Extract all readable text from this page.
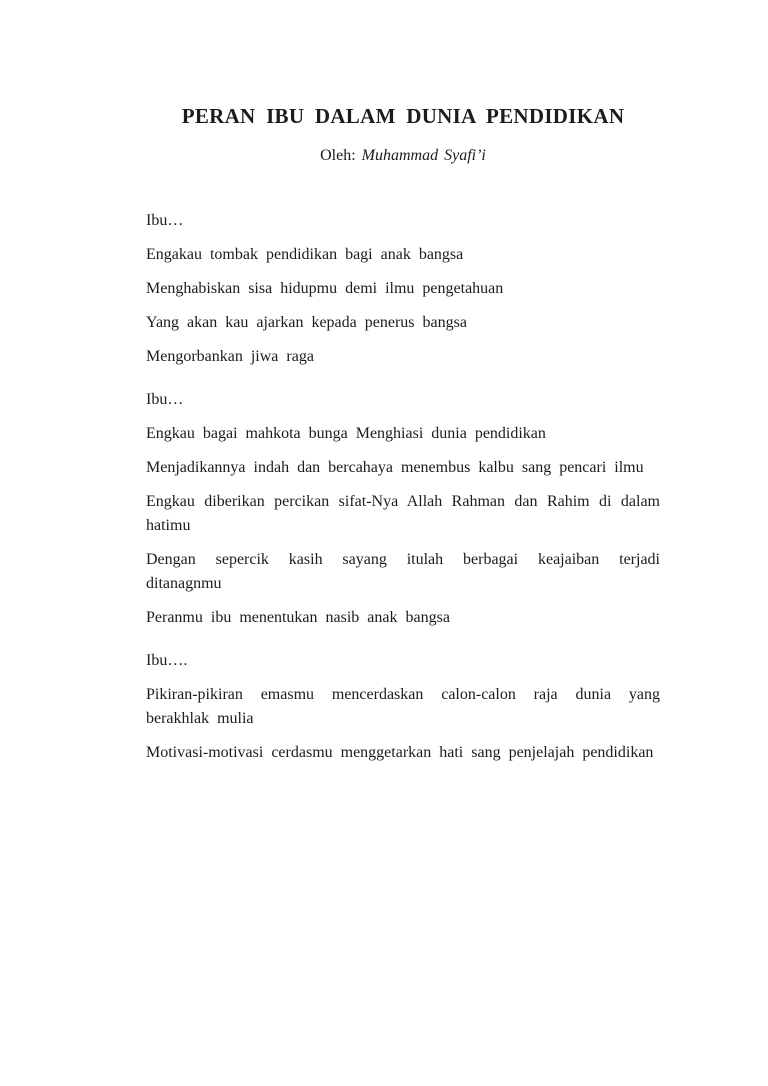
PERAN IBU DALAM DUNIA PENDIDIKAN
Oleh: Muhammad Syafi’i

Ibu…

Engakau tombak pendidikan bagi anak bangsa

Menghabiskan sisa hidupmu demi ilmu pengetahuan

Yang akan kau ajarkan kepada penerus bangsa

Mengorbankan jiwa raga

Ibu…

Engkau bagai mahkota bunga Menghiasi dunia pendidikan

Menjadikannya indah dan bercahaya menembus kalbu sang pencari ilmu

Engkau diberikan percikan sifat-Nya Allah Rahman dan Rahim di dalam hatimu

Dengan sepercik kasih sayang itulah berbagai keajaiban terjadi ditanagnmu

Peranmu ibu menentukan nasib anak bangsa

Ibu….

Pikiran-pikiran emasmu mencerdaskan calon-calon raja dunia yang berakhlak mulia

Motivasi-motivasi cerdasmu menggetarkan hati sang penjelajah pendidikan
